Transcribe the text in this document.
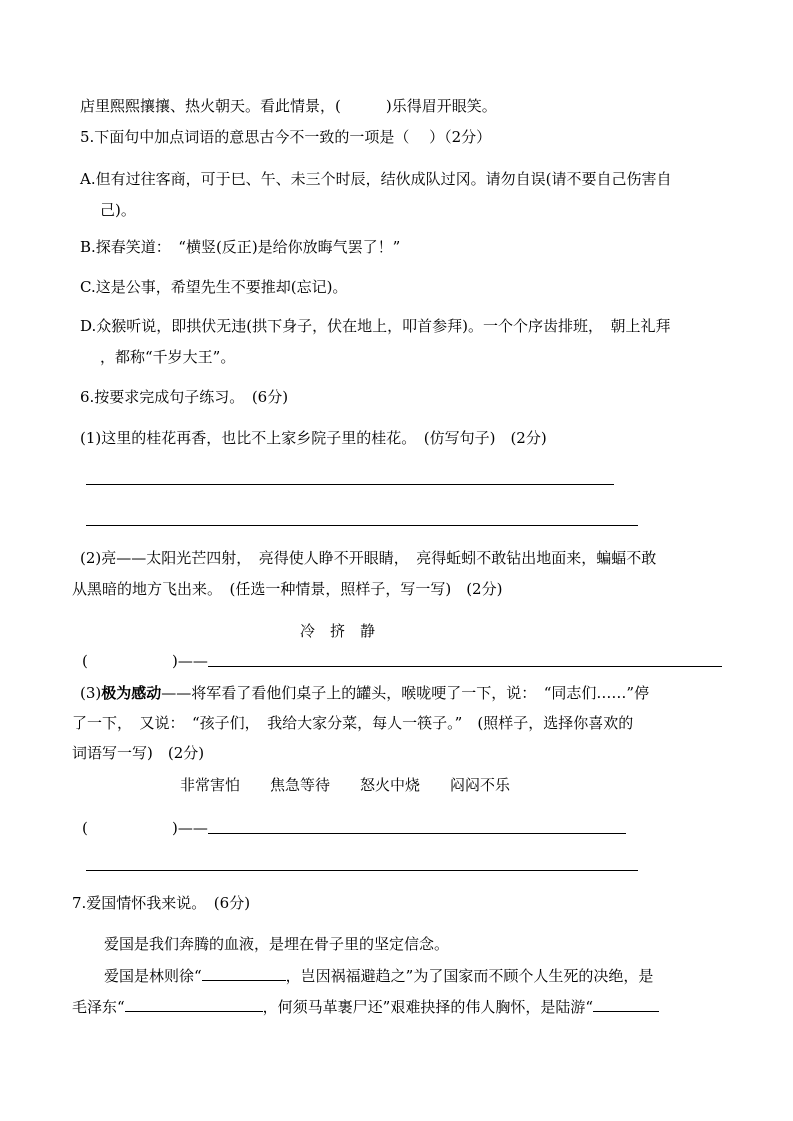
店里熙熙攘攘、热火朝天。看此情景，(　　　)乐得眉开眼笑。
5.下面句中加点词语的意思古今不一致的一项是（　 ）（2分）
A.但有过往客商，可于巳、午、未三个时辰，结伙成队过冈。请勿自误(请不要自己伤害自
己)。
B.探春笑道：　“横竖(反正)是给你放晦气罢了！”
C.这是公事，希望先生不要推却(忘记)。
D.众猴听说，即拱伏无违(拱下身子，伏在地上，叩首参拜)。一个个序齿排班，　朝上礼拜
，都称“千岁大王”。
6.按要求完成句子练习。　(6分)
(1)这里的桂花再香，也比不上家乡院子里的桂花。　(仿写句子)　(2分)
(2)亮——太阳光芒四射，　亮得使人睁不开眼睛，　亮得蚯蚓不敢钻出地面来，蝙蝠不敢
从黑暗的地方飞出来。　(任选一种情景，照样子，写一写)　(2分)
冷　挤　静
(	)——
(3)极为感动——将军看了看他们桌子上的罐头，喉咙哽了一下，说：　“同志们……”停
了一下，　又说：　“孩子们，　我给大家分菜，每人一筷子。”　(照样子，选择你喜欢的
词语写一写)　(2分)
非常害怕　　焦急等待　　怒火中烧　　闷闷不乐
(	)——
7.爱国情怀我来说。　(6分)
爱国是我们奔腾的血液，是埋在骨子里的坚定信念。
爱国是林则徐“	，岂因祸福避趋之”为了国家而不顾个人生死的决绝，是
毛泽东“	，何须马革裹尸还”艰难抉择的伟人胸怀，是陆游“
